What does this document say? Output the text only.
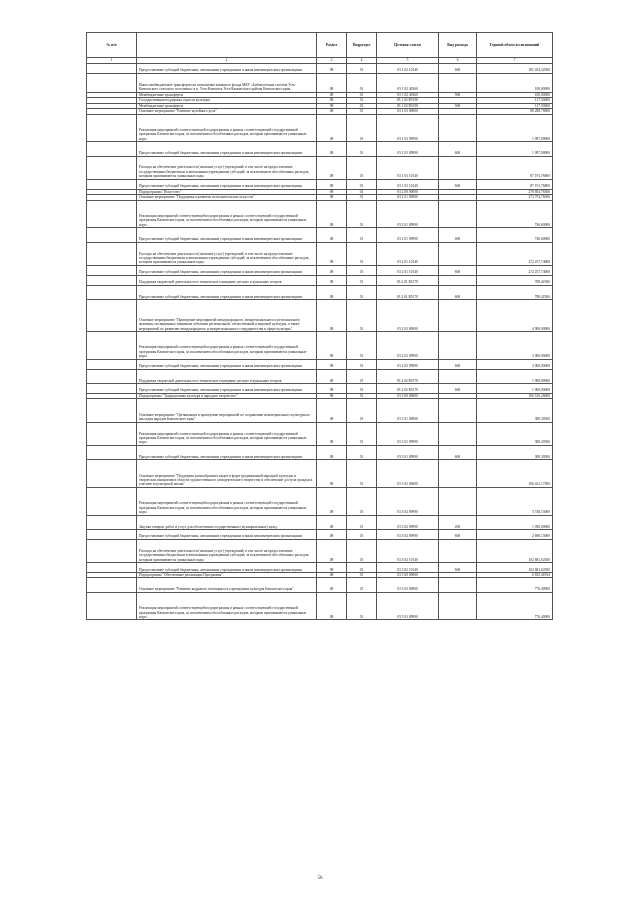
№ п/п		Раздел	Подраздел	Целевая статья	Вид расхода	Годовой объем ассигнований
1	2	3	4	5	6	7
	Предоставление субсидий бюджетным, автономным учреждениям и иным некоммерческим организациям	08	01	03 1 02 10140	600	181 454,32300
	Иные межбюджетные трансферты на пополнение книжного фонда МКУ «Библиотечная система Усть-Камчатского сельского поселения» в п. Усть-Камчатск Усть-Камчатского района Камчатского края	08	01	03 1 02 40360		100,00000
	Межбюджетные трансферты	08	01	03 1 02 40360	500	100,00000
	Государственная поддержка отрасли культуры	08	01	03 1 02 R5190		117,50000
	Межбюджетные трансферты	08	01	03 1 02 R5190	500	117,50000
	Основное мероприятие "Развитие музейного дела"	08	01	03 1 03 00000		88 288,76800
	Реализация мероприятий соответствующей подпрограммы в рамках соответствующей государственной программы Камчатского края, за исключением обособленных расходов, которым присваиваются уникальные коды	08	01	03 1 03 09990		1 097,00000
	Предоставление субсидий бюджетным, автономным учреждениям и иным некоммерческим организациям	08	01	03 1 03 09990	600	1 097,00000
	Расходы на обеспечение деятельности (оказание услуг) учреждений, в том числе на предоставление государственным бюджетным и автономным учреждениям субсидий, за исключением обособленных расходов, которым присваиваются уникальные коды	08	01	03 1 03 10140		87 191,76800
	Предоставление субсидий бюджетным, автономным учреждениям и иным некоммерческим организациям	08	01	03 1 03 10140	600	87 191,76800
	Подпрограмма "Искусство"	08	01	03 2 00 00000		278 692,76306
	Основное мероприятие "Поддержка в развитие исполнительских искусств"	08	01	03 2 01 00000		273 792,76306
	Реализация мероприятий соответствующей подпрограммы в рамках соответствующей государственной программы Камчатского края, за исключением обособленных расходов, которым присваиваются уникальные коды	08	01	03 2 01 09990		746,60000
	Предоставление субсидий бюджетным, автономным учреждениям и иным некоммерческим организациям	08	01	03 2 01 09990	600	746,60000
	Расходы на обеспечение деятельности (оказание услуг) учреждений, в том числе на предоставление государственным бюджетным и автономным учреждениям субсидий, за исключением обособленных расходов, которым присваиваются уникальные коды	08	01	03 2 01 10140		272 257,74000
	Предоставление субсидий бюджетным, автономным учреждениям и иным некоммерческим организациям	08	01	03 2 01 10140	600	272 257,74000
	Поддержка творческой деятельности и техническое оснащение детских и кукольных театров	08	01	03 2 01 R5170		788,42306
	Предоставление субсидий бюджетным, автономным учреждениям и иным некоммерческим организациям	08	01	03 2 01 R5170	600	788,42306
	Основное мероприятие "Проведение мероприятий международного, межрегионального и регионального значения, посвященных значимым событиям региональной, отечественной и мировой культуры, а также мероприятий по развитию международного и межрегионального сотрудничества в сфере культуры"	08	01	03 2 02 00000		4 900,00000
	Реализация мероприятий соответствующей подпрограммы в рамках соответствующей государственной программы Камчатского края, за исключением обособленных расходов, которым присваиваются уникальные коды	08	01	03 2 02 09990		3 000,00000
	Предоставление субсидий бюджетным, автономным учреждениям и иным некоммерческим организациям	08	01	03 2 02 09990	600	3 000,00000
	Поддержка творческой деятельности и техническое оснащение детских и кукольных театров	08	01	03 2 02 R5170		1 900,00000
	Предоставление субсидий бюджетным, автономным учреждениям и иным некоммерческим организациям	08	01	03 2 02 R5170	600	1 900,00000
	Подпрограмма "Традиционная культура и народное творчество"	08	01	03 3 00 00000		106 510,26000
	Основное мероприятие "Организация и проведение мероприятий по сохранению нематериального культурного наследия народов Камчатского края"	08	01	03 3 01 00000		389,30500
	Реализация мероприятий соответствующей подпрограммы в рамках соответствующей государственной программы Камчатского края, за исключением обособленных расходов, которым присваиваются уникальные коды	08	01	03 3 01 09990		389,30500
	Предоставление субсидий бюджетным, автономным учреждениям и иным некоммерческим организациям	08	01	03 3 01 09990	600	389,30500
	Основное мероприятие "Поддержка разнообразных видов и форм традиционной народной культуры и творческих инициатив в области художественного самодеятельного творчества и обеспечение доступа граждан к участию в культурной жизни"	08	01	03 3 02 00000		106 421,17500
	Реализация мероприятий соответствующей подпрограммы в рамках соответствующей государственной программы Камчатского края, за исключением обособленных расходов, которым присваиваются уникальные коды	08	01	03 3 02 09990		3 740,15000
	Закупка товаров, работ и услуг для обеспечения государственных (муниципальных) нужд	08	01	03 3 02 09990	200	1 050,00000
	Предоставление субсидий бюджетным, автономным учреждениям и иным некоммерческим организациям	08	01	03 3 02 09990	600	2 690,15000
	Расходы на обеспечение деятельности (оказание услуг) учреждений, в том числе на предоставление государственным бюджетным и автономным учреждениям субсидий, за исключением обособленных расходов, которым присваиваются уникальные коды	08	01	03 3 02 10140		102 681,02500
	Предоставление субсидий бюджетным, автономным учреждениям и иным некоммерческим организациям	08	01	03 3 02 10140	600	102 681,02500
	Подпрограмма "Обеспечение реализации Программы"	08	01	03 5 00 00000		6 835,46764
	Основное мероприятие "Развитие кадрового потенциала в учреждениях культуры Камчатского края"	08	01	03 5 03 00000		776,40000
	Реализация мероприятий соответствующей подпрограммы в рамках соответствующей государственной программы Камчатского края, за исключением обособленных расходов, которым присваиваются уникальные коды	08	01	03 5 03 09990		776,40000
56
